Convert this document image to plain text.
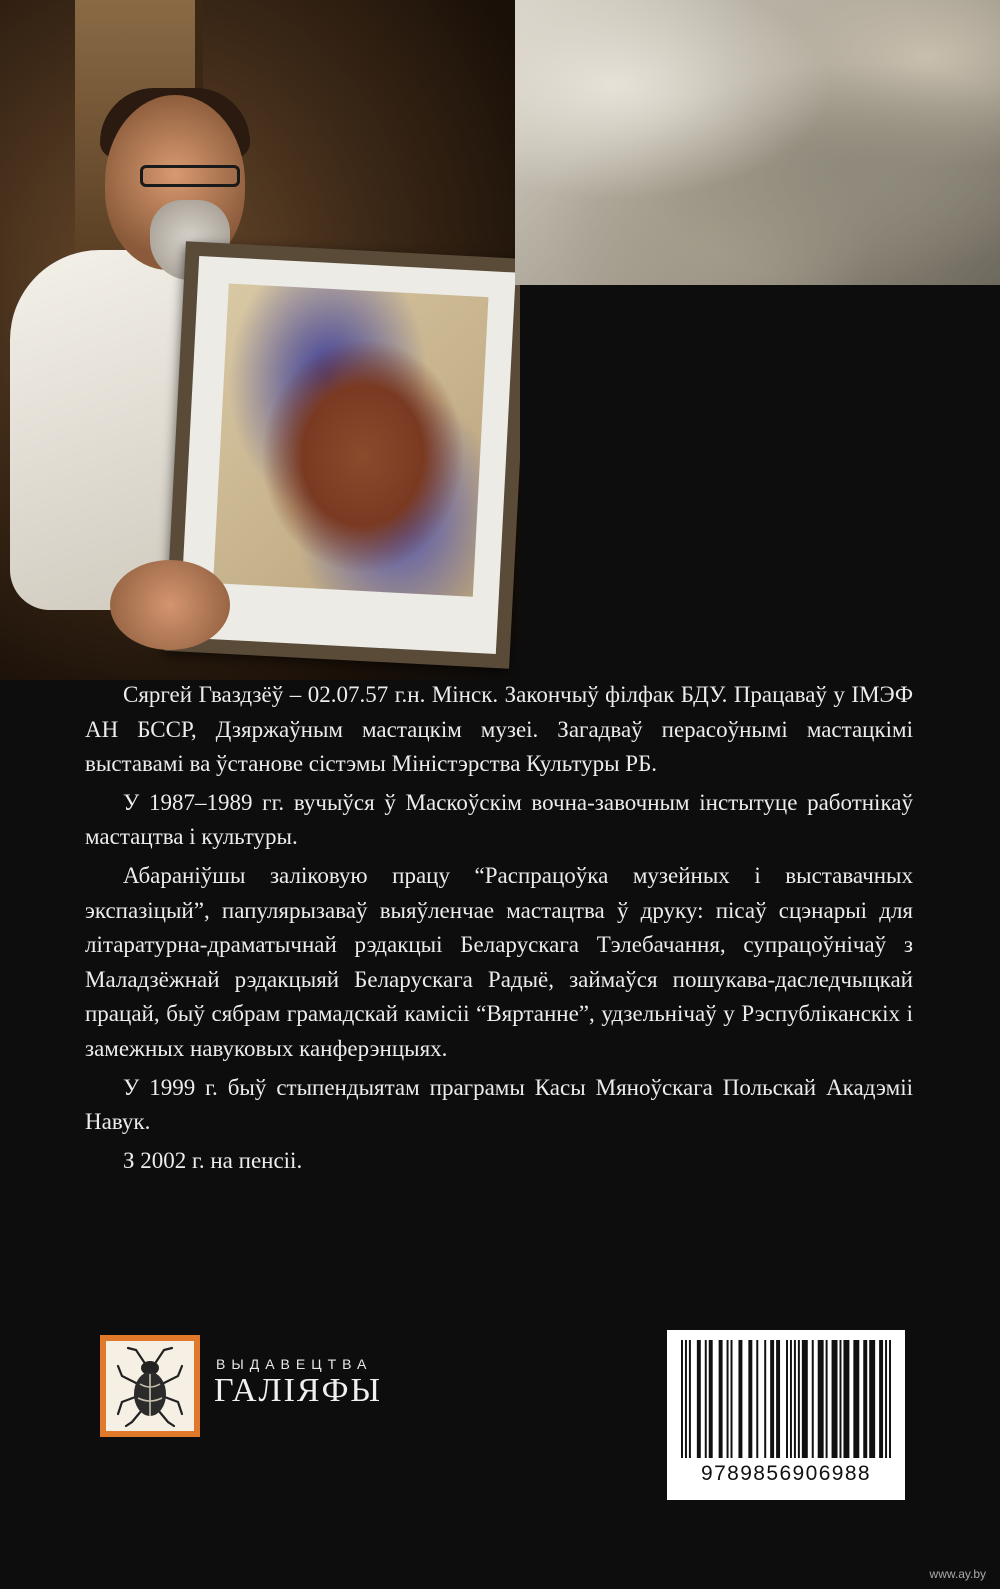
Сяргей Гваздзёў – 02.07.57 г.н. Мінск. Закончыў філфак БДУ. Працаваў у ІМЭФ АН БССР, Дзяржаўным мастацкім музеі. Загадваў перасоўнымі мастацкімі выставамі ва ўстанове сістэмы Міністэрства Культуры РБ.

У 1987–1989 гг. вучыўся ў Маскоўскім вочна-завочным інстытуце работнікаў мастацтва і культуры.

Абараніўшы заліковую працу “Распрацоўка музейных і выставачных экспазіцый”, папулярызаваў выяўленчае мастацтва ў друку: пісаў сцэнарыі для літаратурна-драматычнай рэдакцыі Беларускага Тэлебачання, супрацоўнічаў з Маладзёжнай рэдакцыяй Беларускага Радыё, займаўся пошукава-даследчыцкай працай, быў сябрам грамадскай камісіі “Вяртанне”, удзельнічаў у Рэспубліканскіх і замежных навуковых канферэнцыях.

У 1999 г. быў стыпендыятам праграмы Касы Мяноўскага Польскай Акадэміі Навук.

З 2002 г. на пенсіі.

ВЫДАВЕЦТВА
ГАЛІЯФЫ
9789856906988
www.ay.by
